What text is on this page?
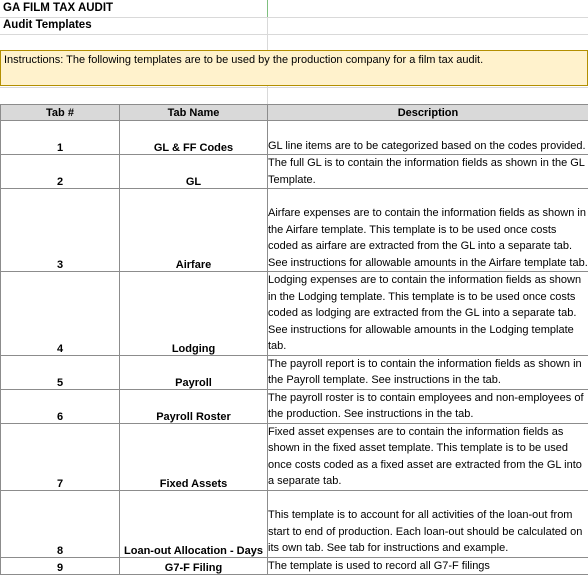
GA FILM TAX AUDIT
Audit Templates
Instructions: The following templates are to be used by the production company for a film tax audit.
Tab #	Tab Name	Description
1	GL & FF Codes	GL line items are to be categorized based on the codes provided.
2	GL	The full GL is to contain the information fields as shown in the GL Template.
3	Airfare	Airfare expenses are to contain the information fields as shown in the Airfare template. This template is to be used once costs coded as airfare are extracted from the GL into a separate tab. See instructions for allowable amounts in the Airfare template tab.
4	Lodging	Lodging expenses are to contain the information fields as shown in the Lodging template. This template is to be used once costs coded as lodging are extracted from the GL into a separate tab. See instructions for allowable amounts in the Lodging template tab.
5	Payroll	The payroll report is to contain the information fields as shown in the Payroll template. See instructions in the tab.
6	Payroll Roster	The payroll roster is to contain employees and non-employees of the production. See instructions in the tab.
7	Fixed Assets	Fixed asset expenses are to contain the information fields as shown in the fixed asset template. This template is to be used once costs coded as a fixed asset are extracted from the GL into a separate tab.
8	Loan-out Allocation - Days	This template is to account for all activities of the loan-out from start to end of production. Each loan-out should be calculated on its own tab. See tab for instructions and example.
9	G7-F Filing	The template is used to record all G7-F filings
